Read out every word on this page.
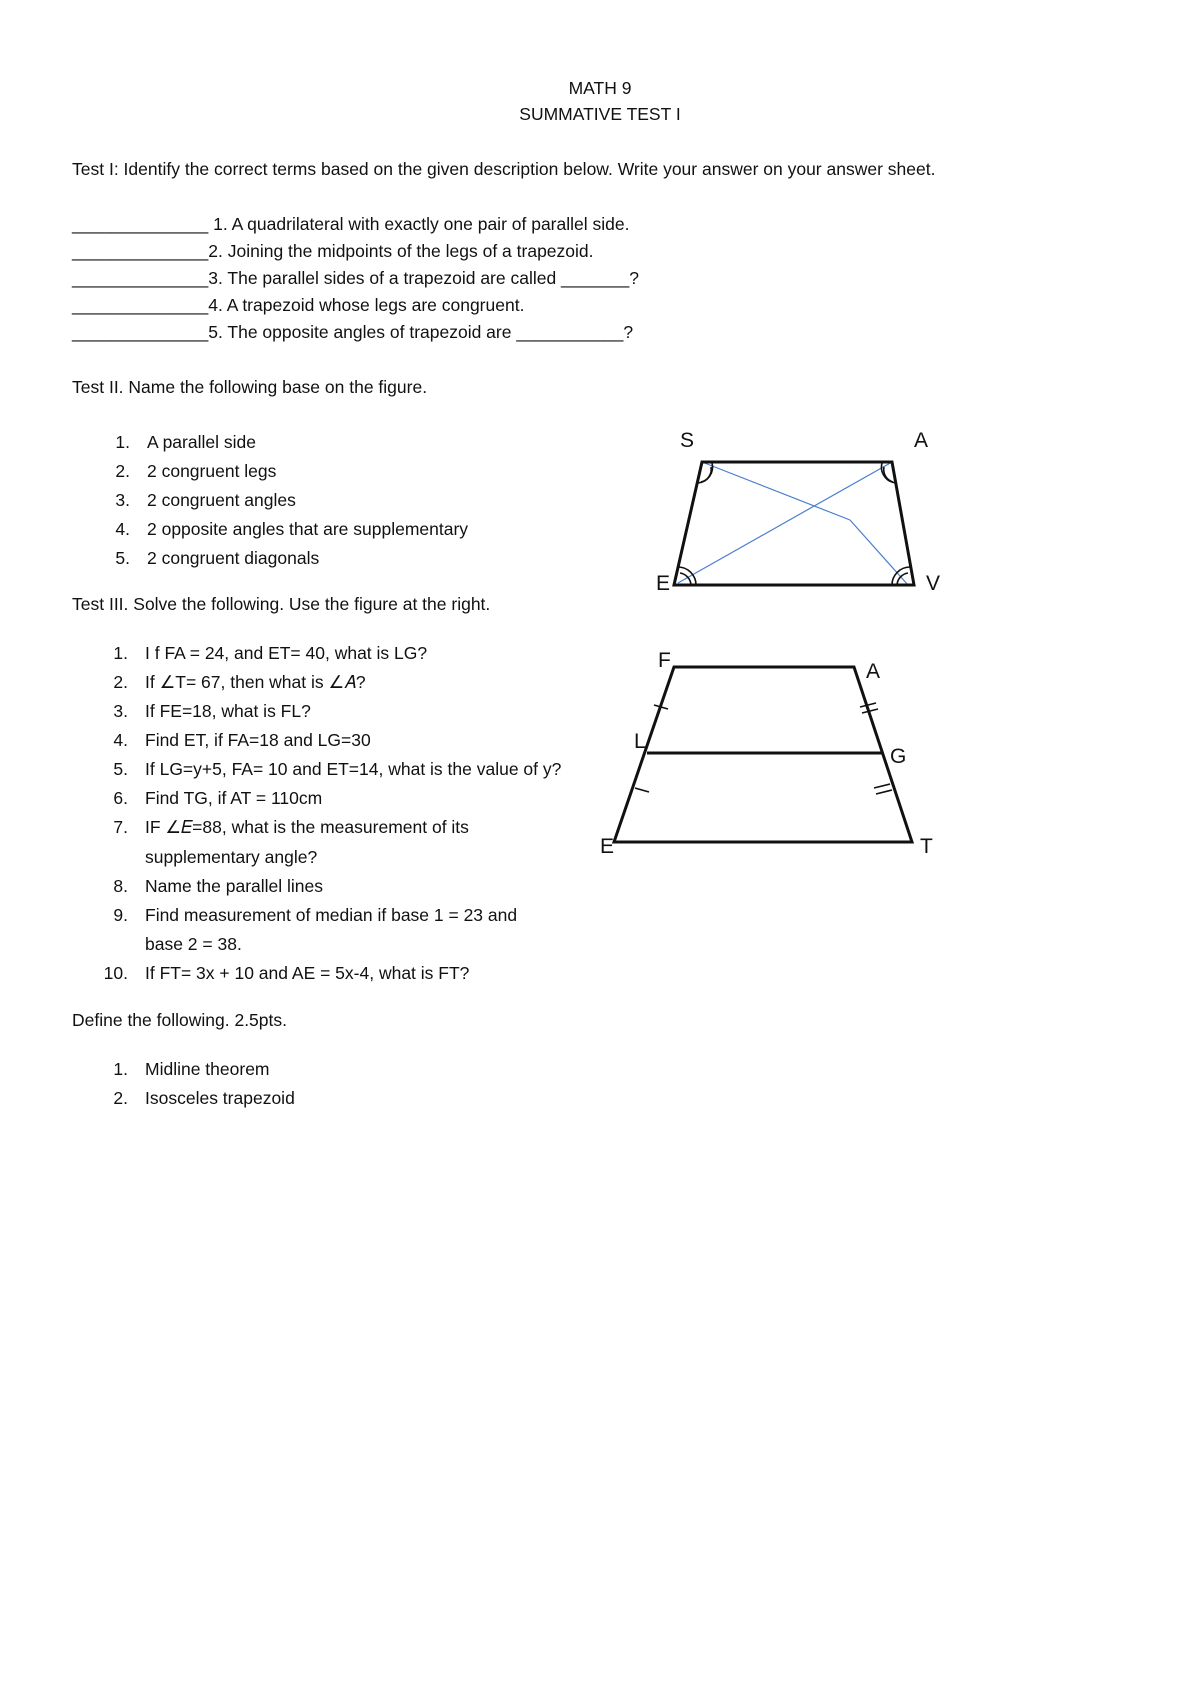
MATH 9
SUMMATIVE TEST I
Test I: Identify the correct terms based on the given description below. Write your answer on your answer sheet.
______________ 1. A quadrilateral with exactly one pair of parallel side.
______________2. Joining the midpoints of the legs of a trapezoid.
______________3. The parallel sides of a trapezoid are called _______?
______________4. A trapezoid whose legs are congruent.
______________5. The opposite angles of trapezoid are ___________?
Test II. Name the following base on the figure.
1. A parallel side
2. 2 congruent legs
3. 2 congruent angles
4. 2 opposite angles that are supplementary
5. 2 congruent diagonals
S	A
E	V
Test III. Solve the following. Use the figure at the right.
1. I f FA = 24, and ET= 40, what is LG?
2. If ∠T= 67, then what is ∠𝐴?
3. If FE=18, what is FL?
4. Find ET, if FA=18 and LG=30
5. If LG=y+5, FA= 10 and ET=14, what is the value of y?
6. Find TG, if AT = 110cm
7. IF ∠𝐸=88, what is the measurement of its
supplementary angle?
8. Name the parallel lines
9. Find measurement of median if base 1 = 23 and
base 2 = 38.
10. If FT= 3x + 10 and AE = 5x-4, what is FT?
F	A
L
G
E	T
Define the following. 2.5pts.
1. Midline theorem
2. Isosceles trapezoid
